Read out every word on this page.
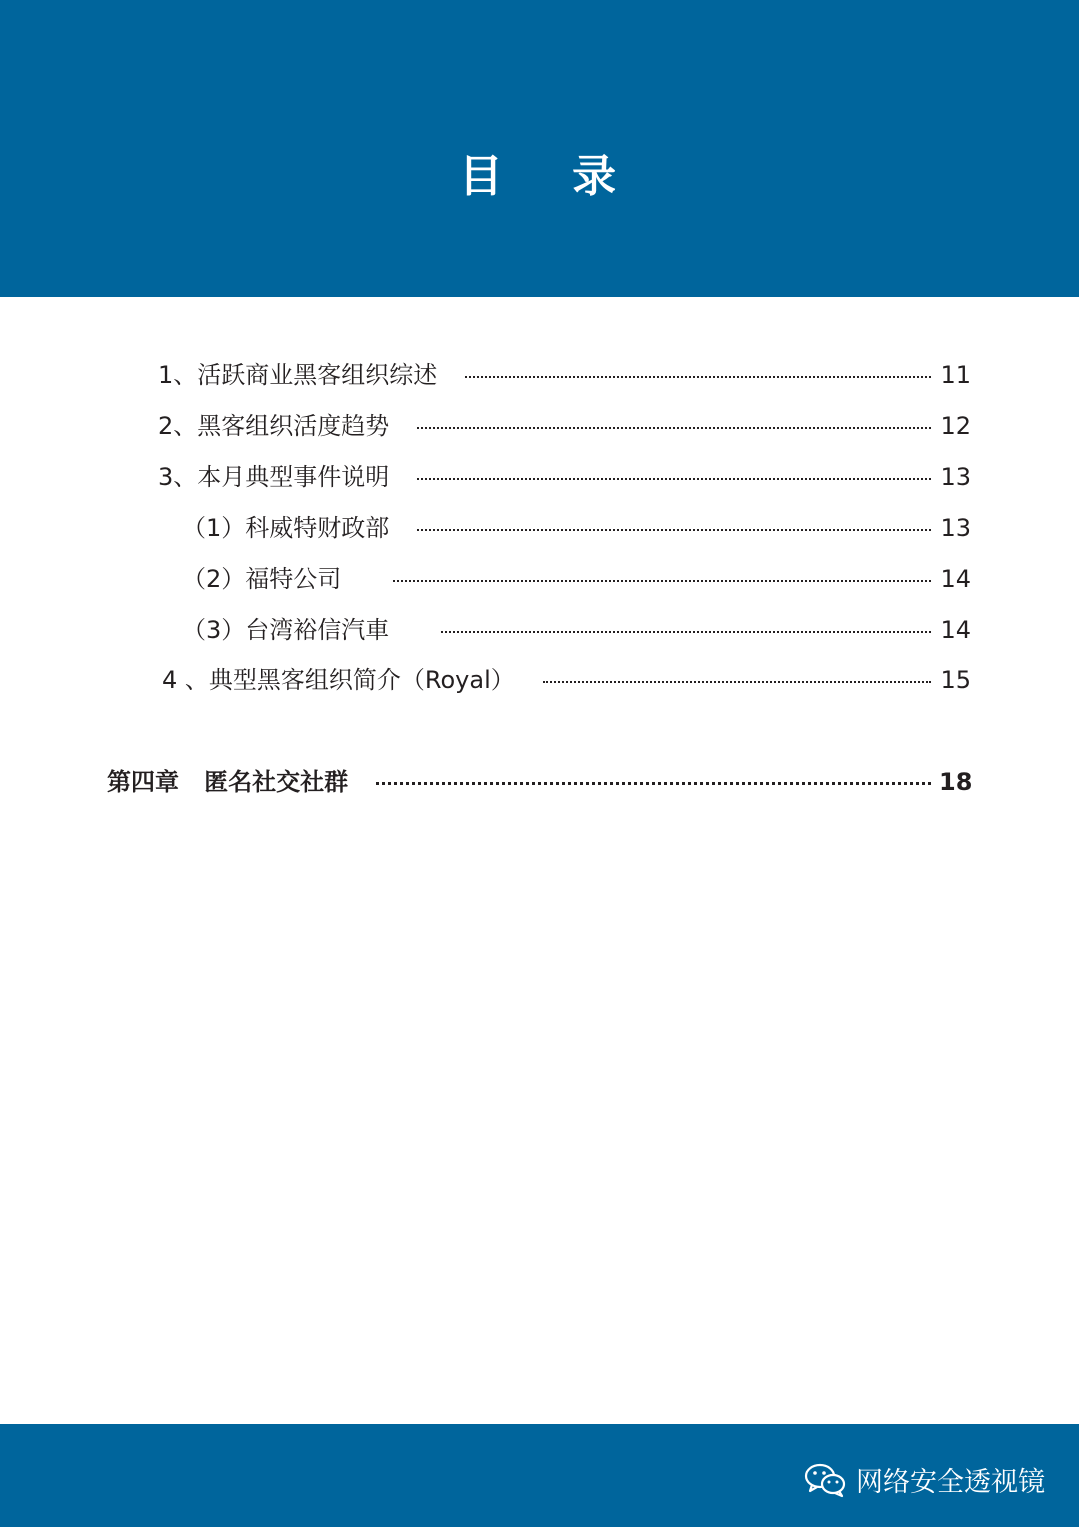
目 录
1、活跃商业黑客组织综述	11
2、黑客组织活度趋势	12
3、本月典型事件说明	13
（1）科威特财政部	13
（2）福特公司	14
（3）台湾裕信汽車	14
4 、典型黑客组织简介（Royal）	15
第四章   匿名社交社群	18
网络安全透视镜
